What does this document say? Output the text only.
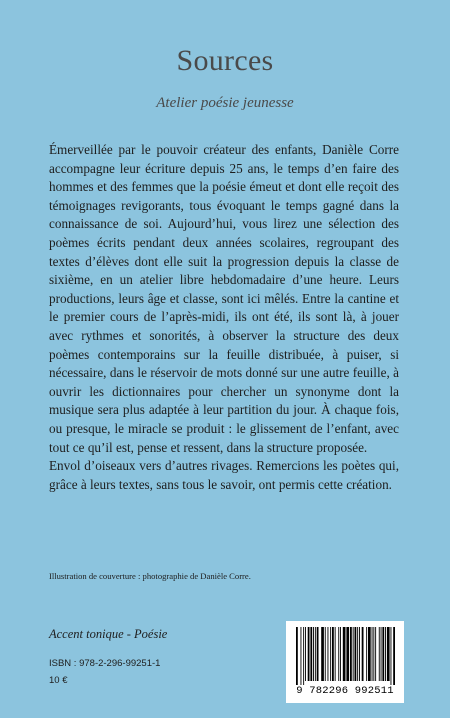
Sources
Atelier poésie jeunesse

Émerveillée par le pouvoir créateur des enfants, Danièle Corre accompagne leur écriture depuis 25 ans, le temps d’en faire des hommes et des femmes que la poésie émeut et dont elle reçoit des témoignages revigorants, tous évoquant le temps gagné dans la connaissance de soi. Aujourd’hui, vous lirez une sélection des poèmes écrits pendant deux années scolaires, regroupant des textes d’élèves dont elle suit la progression depuis la classe de sixième, en un atelier libre hebdomadaire d’une heure. Leurs productions, leurs âge et classe, sont ici mêlés. Entre la cantine et le premier cours de l’après-midi, ils ont été, ils sont là, à jouer avec rythmes et sonorités, à observer la structure des deux poèmes contemporains sur la feuille distribuée, à puiser, si nécessaire, dans le réservoir de mots donné sur une autre feuille, à ouvrir les dictionnaires pour chercher un synonyme dont la musique sera plus adaptée à leur partition du jour. À chaque fois, ou presque, le miracle se produit : le glissement de l’enfant, avec tout ce qu’il est, pense et ressent, dans la structure proposée.

Envol d’oiseaux vers d’autres rivages. Remercions les poètes qui, grâce à leurs textes, sans tous le savoir, ont permis cette création.

Illustration de couverture : photographie de Danièle Corre.
Accent tonique - Poésie
ISBN : 978-2-296-99251-1
10 €
9 782296 992511
